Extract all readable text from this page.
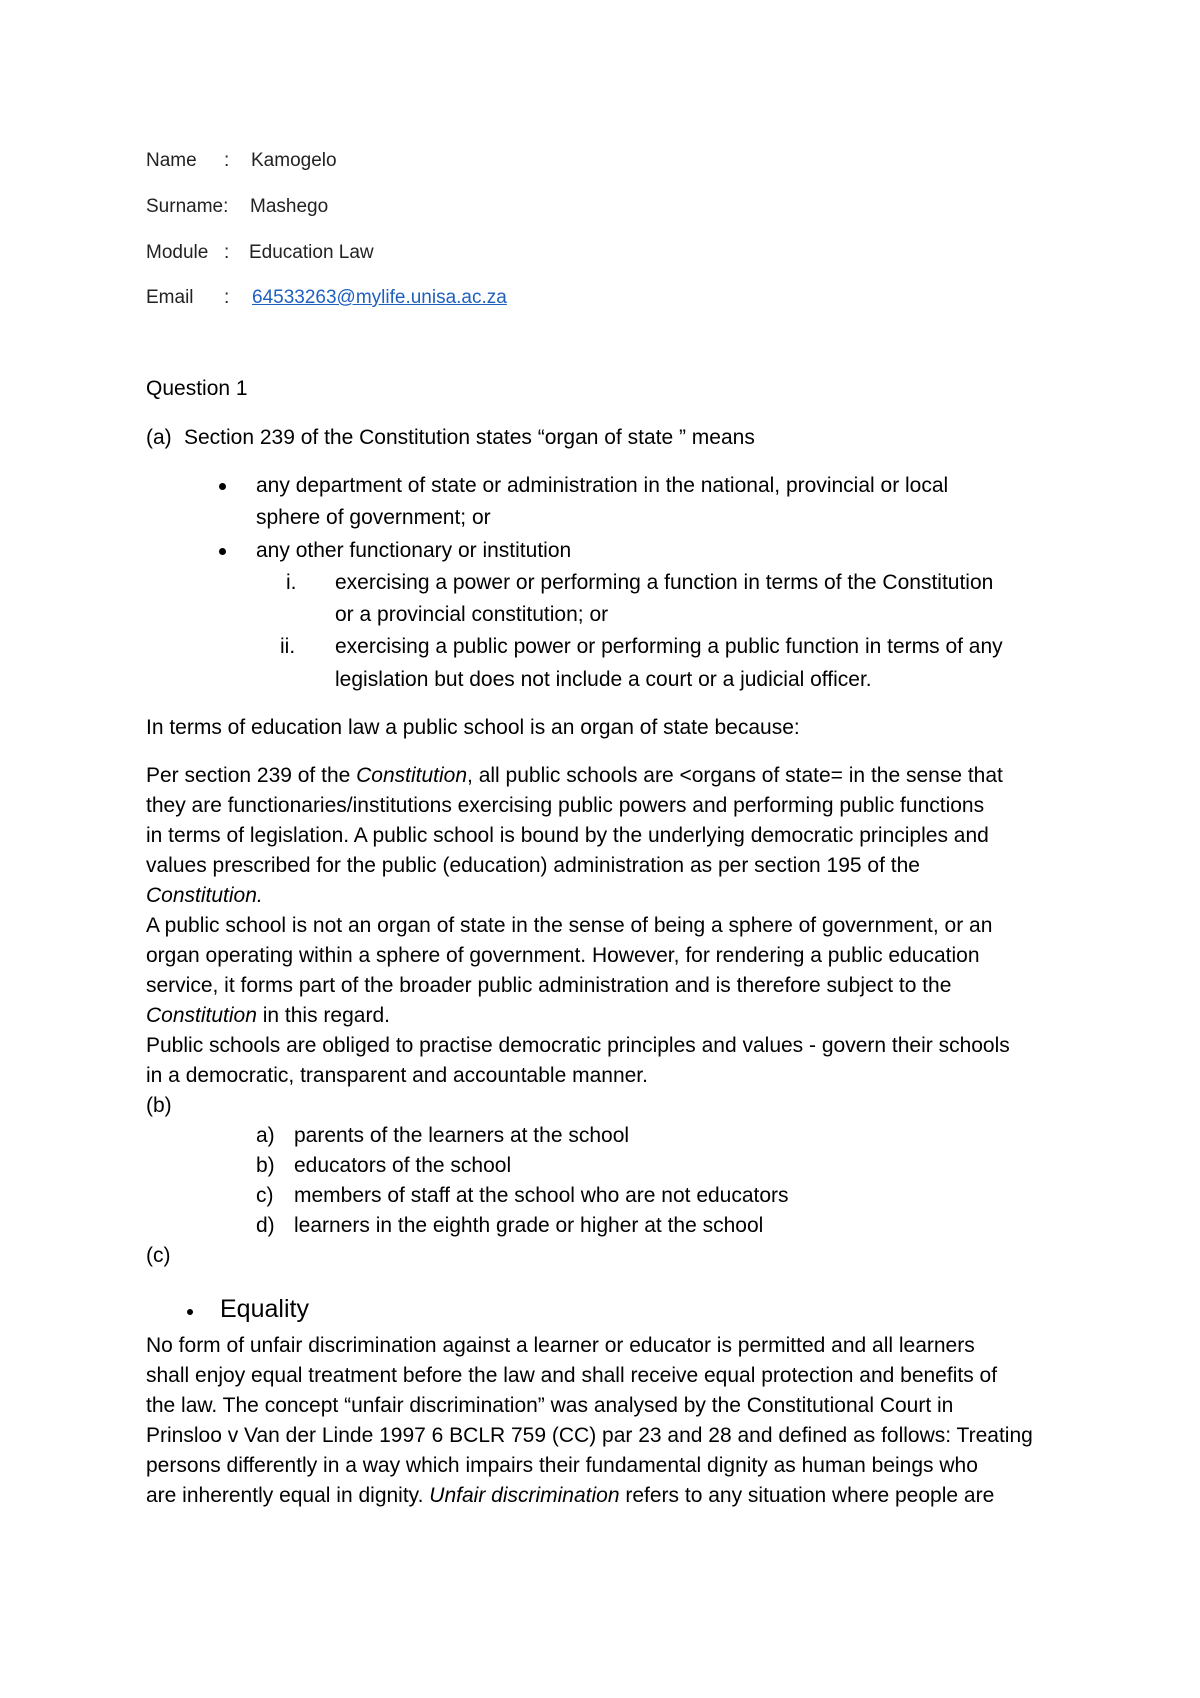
Name : Kamogelo
Surname: Mashego
Module : Education Law
Email : 64533263@mylife.unisa.ac.za
Question 1
(a) Section 239 of the Constitution states “organ of state ” means
any department of state or administration in the national, provincial or local
sphere of government; or
any other functionary or institution
i. exercising a power or performing a function in terms of the Constitution
or a provincial constitution; or
ii. exercising a public power or performing a public function in terms of any
legislation but does not include a court or a judicial officer.
In terms of education law a public school is an organ of state because:
Per section 239 of the Constitution, all public schools are <organs of state= in the sense that
they are functionaries/institutions exercising public powers and performing public functions
in terms of legislation. A public school is bound by the underlying democratic principles and
values prescribed for the public (education) administration as per section 195 of the
Constitution.
A public school is not an organ of state in the sense of being a sphere of government, or an
organ operating within a sphere of government. However, for rendering a public education
service, it forms part of the broader public administration and is therefore subject to the
Constitution in this regard.
Public schools are obliged to practise democratic principles and values - govern their schools
in a democratic, transparent and accountable manner.
(b)
a) parents of the learners at the school
b) educators of the school
c) members of staff at the school who are not educators
d) learners in the eighth grade or higher at the school
(c)
Equality
No form of unfair discrimination against a learner or educator is permitted and all learners
shall enjoy equal treatment before the law and shall receive equal protection and benefits of
the law. The concept “unfair discrimination” was analysed by the Constitutional Court in
Prinsloo v Van der Linde 1997 6 BCLR 759 (CC) par 23 and 28 and defined as follows: Treating
persons differently in a way which impairs their fundamental dignity as human beings who
are inherently equal in dignity. Unfair discrimination refers to any situation where people are
